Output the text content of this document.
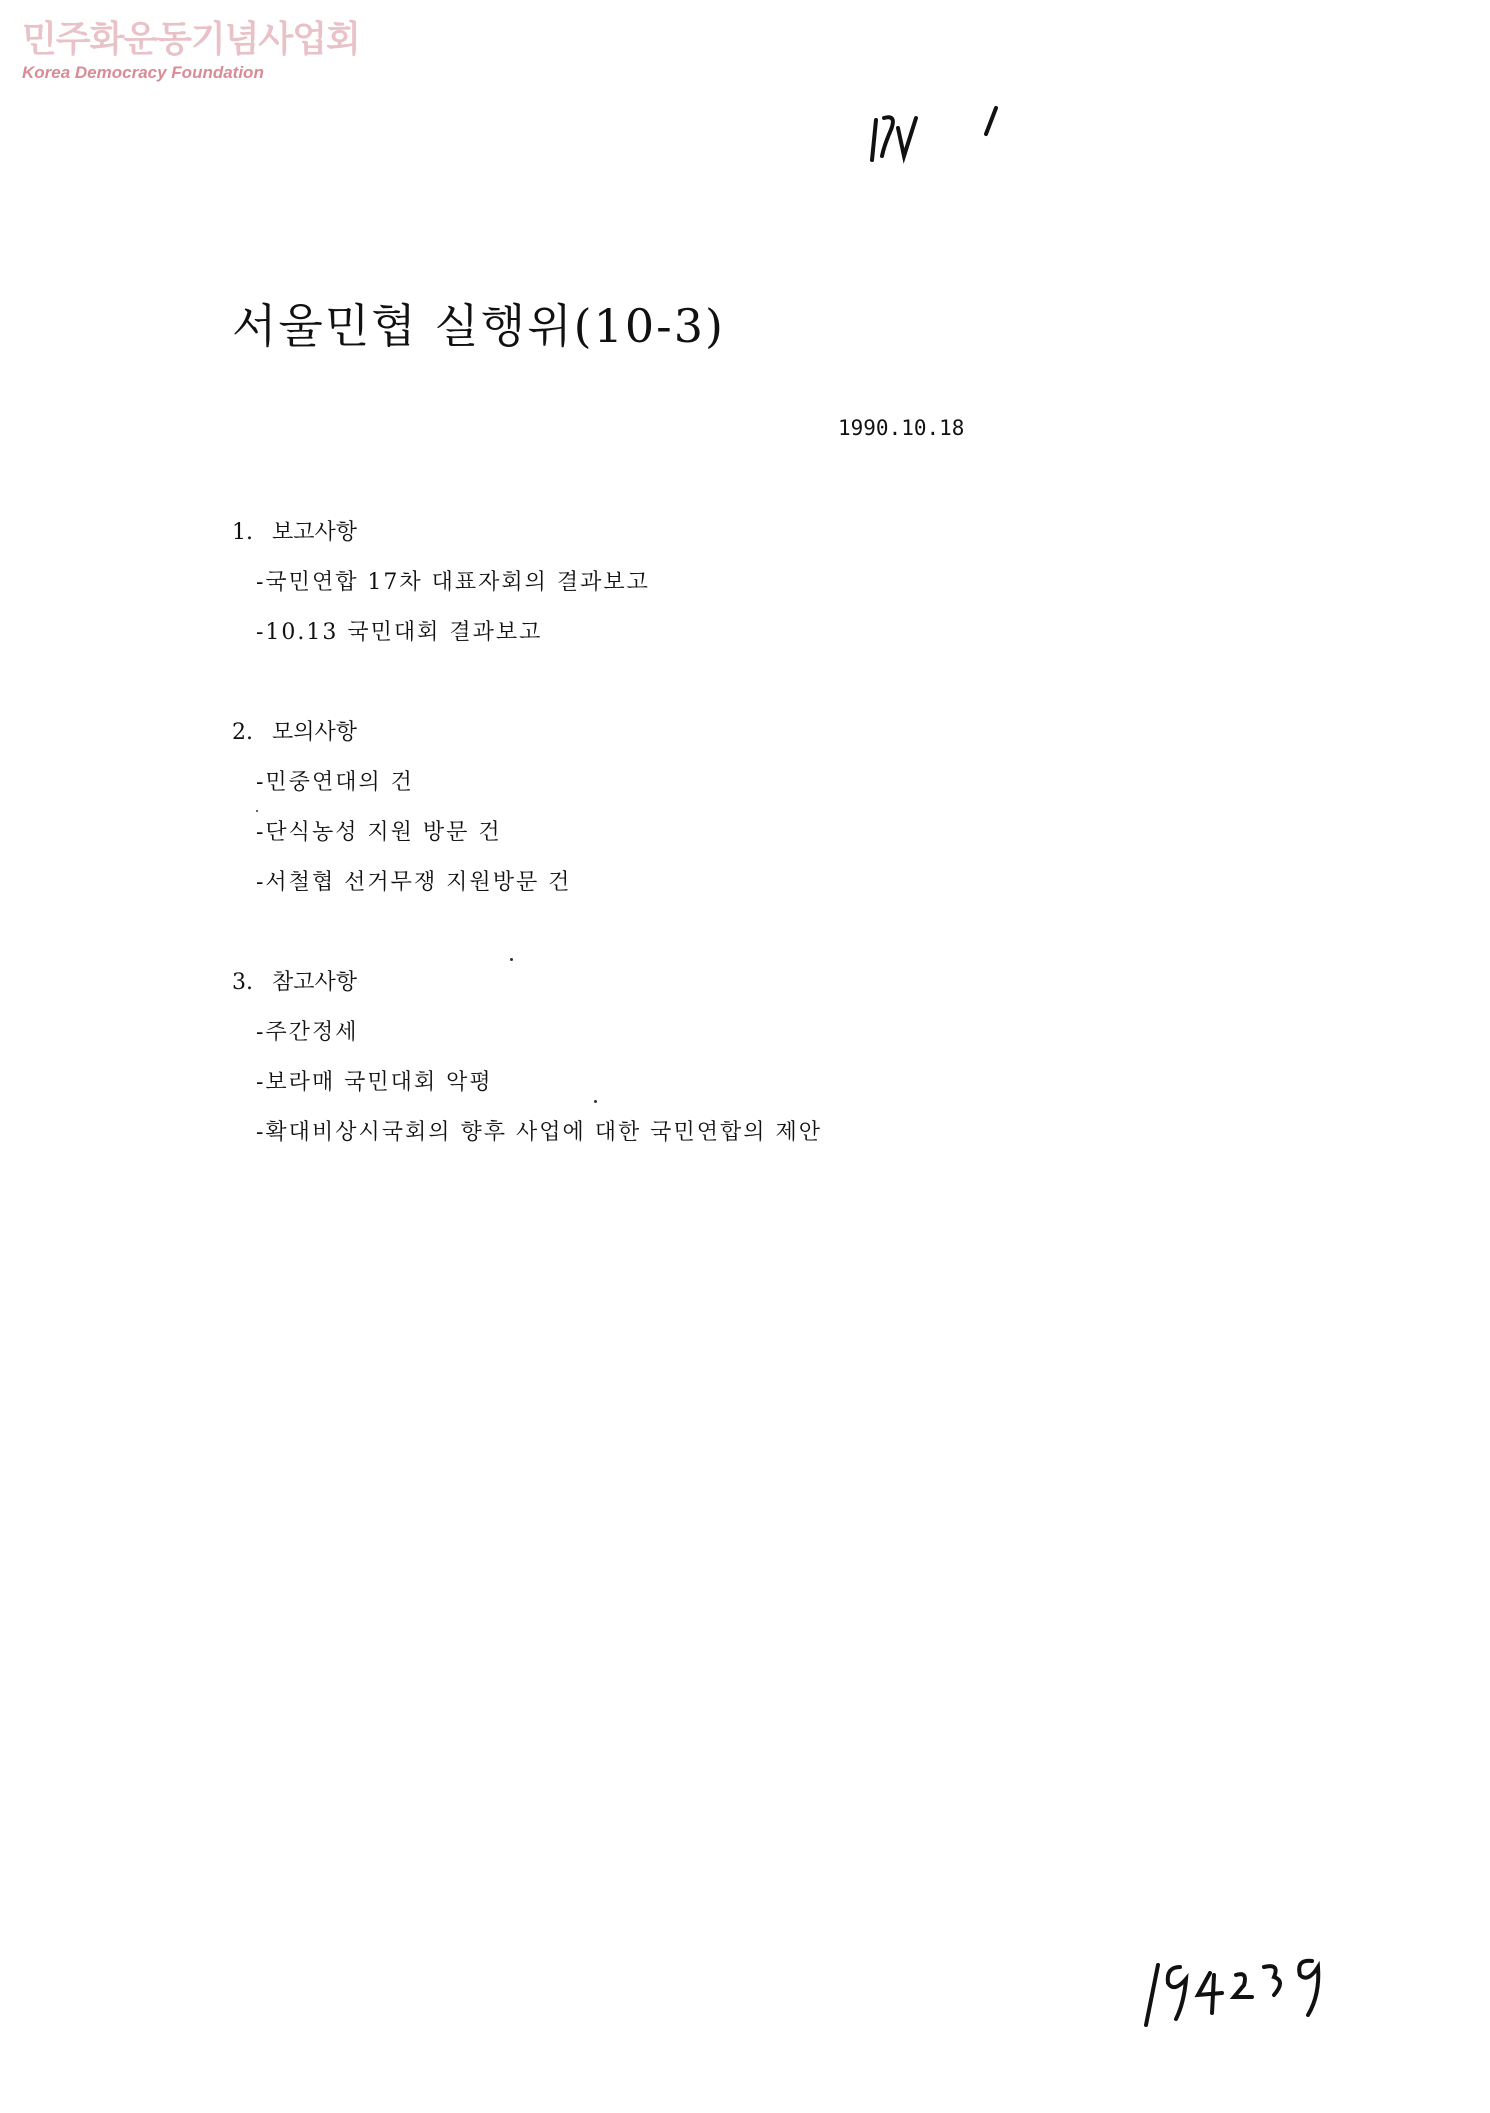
민주화운동기념사업회
Korea Democracy Foundation
서울민협 실행위(10-3)
1990.10.18
1. 보고사항
-국민연합 17차 대표자회의 결과보고
-10.13 국민대회 결과보고
2. 모의사항
-민중연대의 건
-단식농성 지원 방문 건
-서철협 선거무쟁 지원방문 건
3. 참고사항
-주간정세
-보라매 국민대회 악평
-확대비상시국회의 향후 사업에 대한 국민연합의 제안
